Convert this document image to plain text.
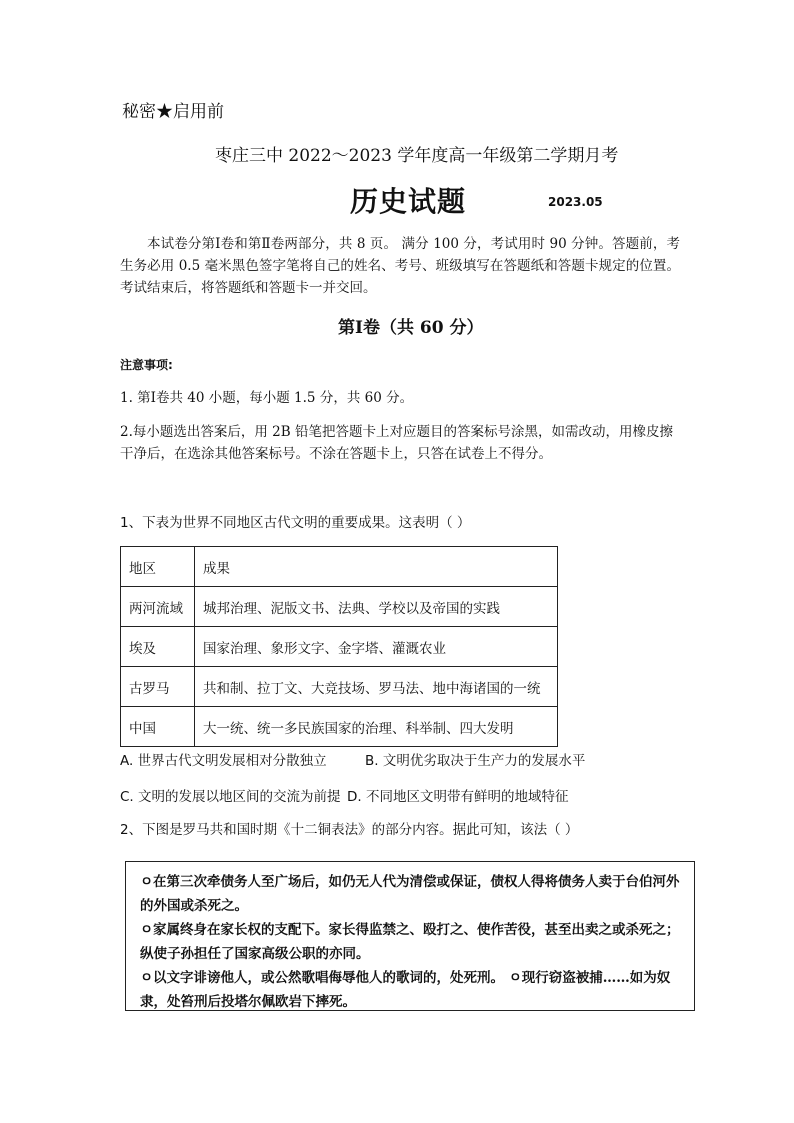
秘密★启用前
枣庄三中 2022～2023 学年度高一年级第二学期月考
历史试题	2023.05
本试卷分第Ⅰ卷和第Ⅱ卷两部分，共 8 页。 满分 100 分，考试用时 90 分钟。答题前，考生务必用 0.5 毫米黑色签字笔将自己的姓名、考号、班级填写在答题纸和答题卡规定的位置。考试结束后，将答题纸和答题卡一并交回。
第Ⅰ卷（共 60 分）
注意事项:
1. 第Ⅰ卷共 40 小题，每小题 1.5 分，共 60 分。
2.每小题选出答案后，用 2B 铅笔把答题卡上对应题目的答案标号涂黑，如需改动，用橡皮擦干净后，在选涂其他答案标号。不涂在答题卡上，只答在试卷上不得分。
1、下表为世界不同地区古代文明的重要成果。这表明（ ）
地区	成果
两河流域	城邦治理、泥版文书、法典、学校以及帝国的实践
埃及	国家治理、象形文字、金字塔、灌溉农业
古罗马	共和制、拉丁文、大竞技场、罗马法、地中海诸国的一统
中国	大一统、统一多民族国家的治理、科举制、四大发明
A. 世界古代文明发展相对分散独立	B. 文明优劣取决于生产力的发展水平
C. 文明的发展以地区间的交流为前提 D. 不同地区文明带有鲜明的地域特征
2、下图是罗马共和国时期《十二铜表法》的部分内容。据此可知，该法（ ）
ㅇ在第三次牵债务人至广场后，如仍无人代为清偿或保证，债权人得将债务人卖于台伯河外的外国或杀死之。
ㅇ家属终身在家长权的支配下。家长得监禁之、殴打之、使作苦役，甚至出卖之或杀死之；纵使子孙担任了国家高级公职的亦同。
ㅇ以文字诽谤他人，或公然歌唱侮辱他人的歌词的，处死刑。 ㅇ现行窃盗被捕……如为奴隶，处笞刑后投塔尔佩欧岩下摔死。
